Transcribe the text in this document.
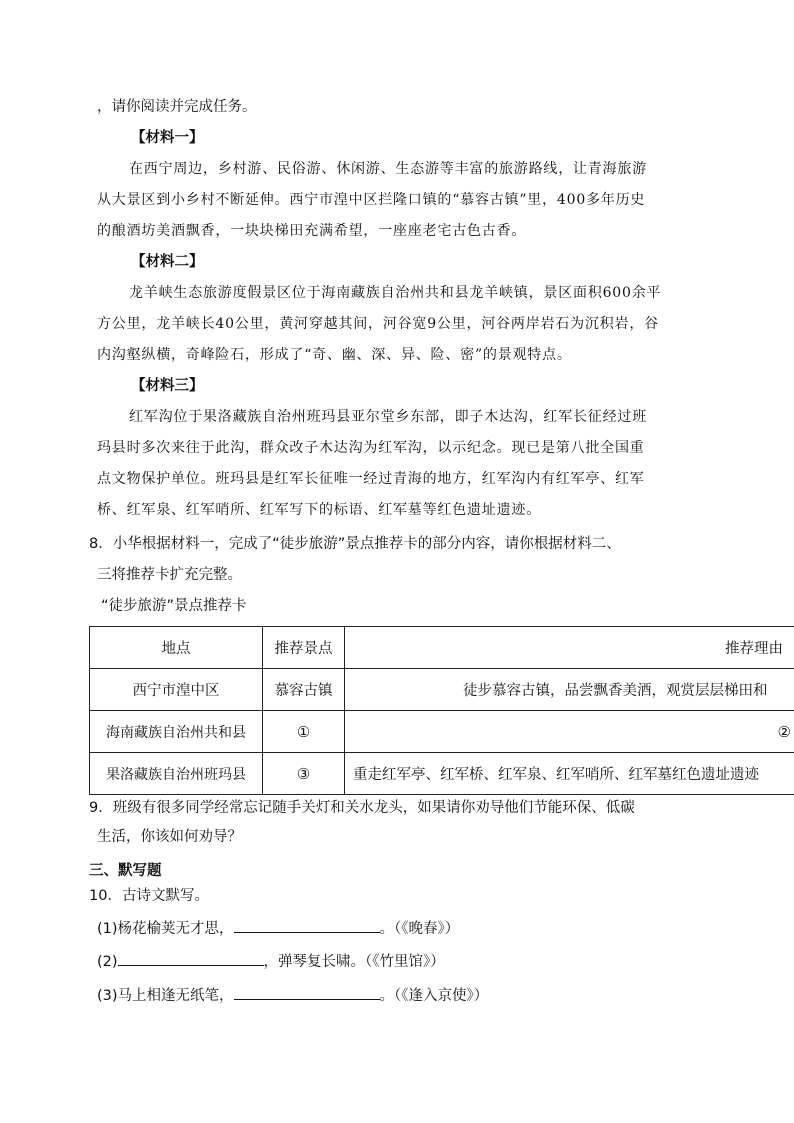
，请你阅读并完成任务。
【材料一】
在西宁周边，乡村游、民俗游、休闲游、生态游等丰富的旅游路线，让青海旅游
从大景区到小乡村不断延伸。西宁市湟中区拦隆口镇的“慕容古镇”里，400多年历史
的酿酒坊美酒飘香，一块块梯田充满希望，一座座老宅古色古香。
【材料二】
龙羊峡生态旅游度假景区位于海南藏族自治州共和县龙羊峡镇，景区面积600余平
方公里，龙羊峡长40公里，黄河穿越其间，河谷宽9公里，河谷两岸岩石为沉积岩，谷
内沟壑纵横，奇峰险石，形成了“奇、幽、深、异、险、密”的景观特点。
【材料三】
红军沟位于果洛藏族自治州班玛县亚尔堂乡东部，即子木达沟，红军长征经过班
玛县时多次来往于此沟，群众改子木达沟为红军沟，以示纪念。现已是第八批全国重
点文物保护单位。班玛县是红军长征唯一经过青海的地方，红军沟内有红军亭、红军
桥、红军泉、红军哨所、红军写下的标语、红军墓等红色遗址遗迹。
8．小华根据材料一，完成了“徒步旅游”景点推荐卡的部分内容，请你根据材料二、
三将推荐卡扩充完整。
“徒步旅游”景点推荐卡
地点	推荐景点	推荐理由
西宁市湟中区	慕容古镇	徒步慕容古镇，品尝飘香美酒，观赏层层梯田和
海南藏族自治州共和县	①	②
果洛藏族自治州班玛县	③	重走红军亭、红军桥、红军泉、红军哨所、红军墓红色遗址遗迹
9．班级有很多同学经常忘记随手关灯和关水龙头，如果请你劝导他们节能环保、低碳
生活，你该如何劝导？
三、默写题
10．古诗文默写。
(1)杨花榆荚无才思，	。（《晚春》）
(2)	，弹琴复长啸。（《竹里馆》）
(3)马上相逢无纸笔，	。（《逢入京使》）
